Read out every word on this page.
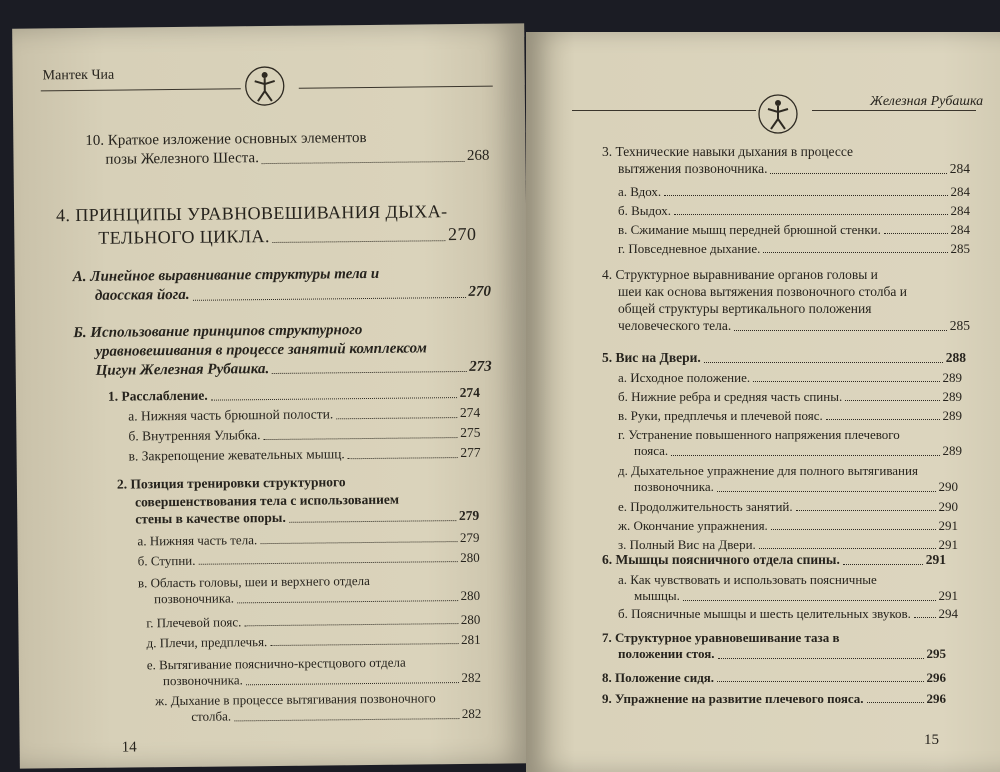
Мантек Чиа
10. Краткое изложение основных элементов
позы Железного Шеста.	268
4. ПРИНЦИПЫ УРАВНОВЕШИВАНИЯ ДЫХА-
ТЕЛЬНОГО ЦИКЛА.	270
А. Линейное выравнивание структуры тела и
даосская йога.	270
Б. Использование принципов структурного
уравновешивания в процессе занятий комплексом
Цигун Железная Рубашка.	273
1. Расслабление.	274
а. Нижняя часть брюшной полости.	274
б. Внутренняя Улыбка.	275
в. Закрепощение жевательных мышц.	277
2. Позиция тренировки структурного
совершенствования тела с использованием
стены в качестве опоры.	279
а. Нижняя часть тела.	279
б. Ступни.	280
в. Область головы, шеи и верхнего отдела
позвоночника.	280
г. Плечевой пояс.	280
д. Плечи, предплечья.	281
е. Вытягивание пояснично-крестцового отдела
позвоночника.	282
ж. Дыхание в процессе вытягивания позвоночного
столба.	282
14
Железная Рубашка
3. Технические навыки дыхания в процессе
вытяжения позвоночника.	284
а. Вдох.	284
б. Выдох.	284
в. Сжимание мышц передней брюшной стенки.	284
г. Повседневное дыхание.	285
4. Структурное выравнивание органов головы и
шеи как основа вытяжения позвоночного столба и
общей структуры вертикального положения
человеческого тела.	285
5. Вис на Двери.	288
а. Исходное положение.	289
б. Нижние ребра и средняя часть спины.	289
в. Руки, предплечья и плечевой пояс.	289
г. Устранение повышенного напряжения плечевого
пояса.	289
д. Дыхательное упражнение для полного вытягивания
позвоночника.	290
е. Продолжительность занятий.	290
ж. Окончание упражнения.	291
з. Полный Вис на Двери.	291
6. Мышцы поясничного отдела спины.	291
а. Как чувствовать и использовать поясничные
мышцы.	291
б. Поясничные мышцы и шесть целительных звуков. 294
7. Структурное уравновешивание таза в
положении стоя.	295
8. Положение сидя.	296
9. Упражнение на развитие плечевого пояса.	296
15
